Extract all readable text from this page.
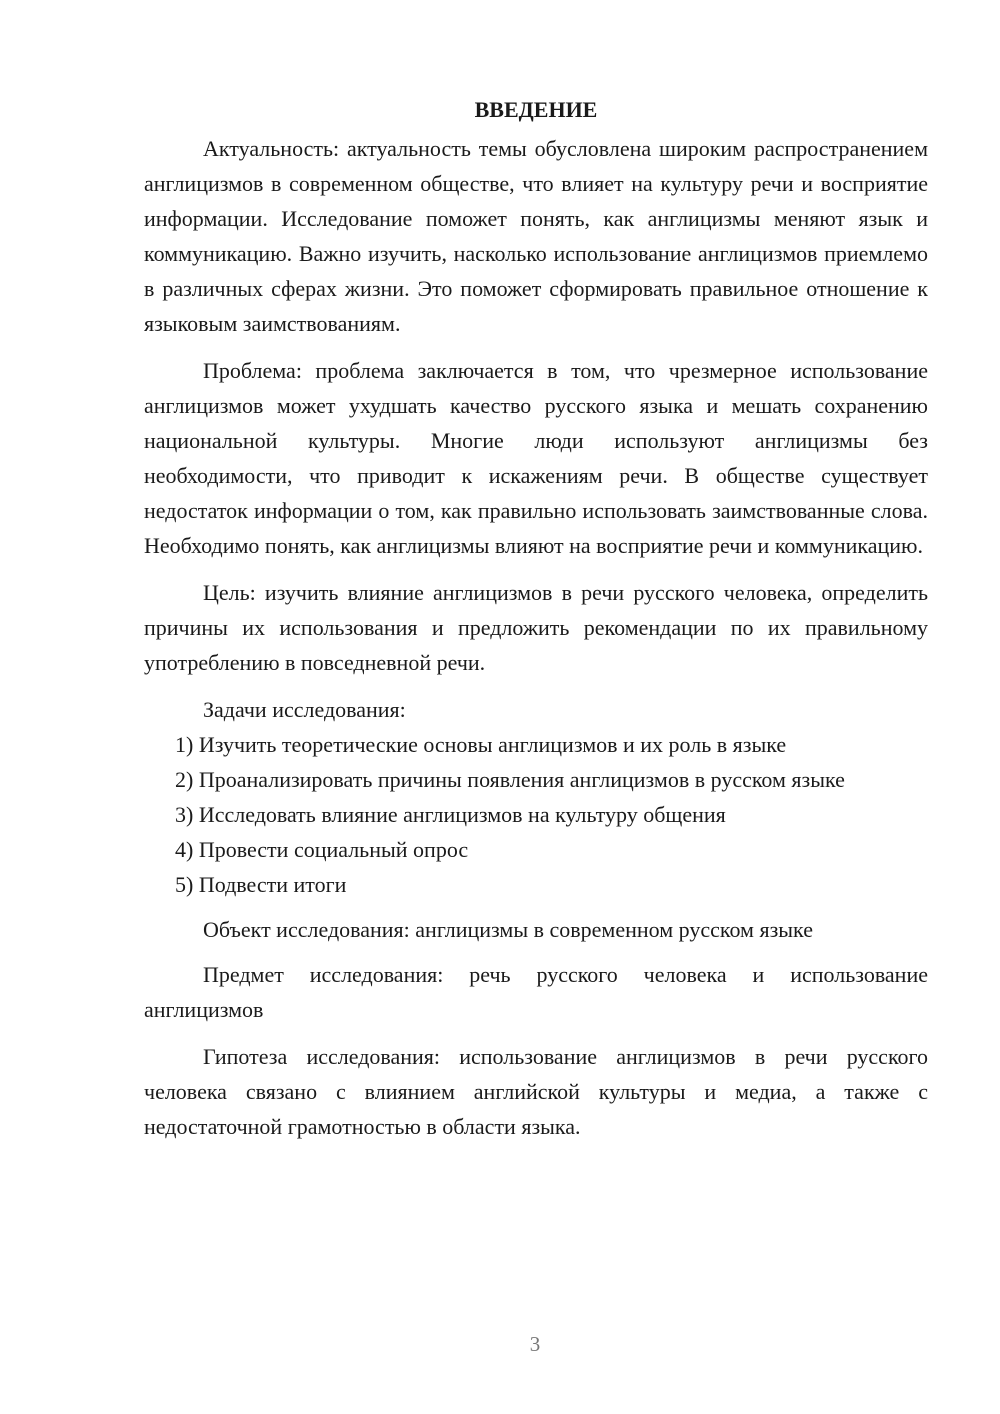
ВВЕДЕНИЕ

Актуальность: актуальность темы обусловлена широким распространением англицизмов в современном обществе, что влияет на культуру речи и восприятие информации. Исследование поможет понять, как англицизмы меняют язык и коммуникацию. Важно изучить, насколько использование англицизмов приемлемо в различных сферах жизни. Это поможет сформировать правильное отношение к языковым заимствованиям.

Проблема: проблема заключается в том, что чрезмерное использование англицизмов может ухудшать качество русского языка и мешать сохранению национальной культуры. Многие люди используют англицизмы без необходимости, что приводит к искажениям речи. В обществе существует недостаток информации о том, как правильно использовать заимствованные слова. Необходимо понять, как англицизмы влияют на восприятие речи и коммуникацию.

Цель: изучить влияние англицизмов в речи русского человека, определить причины их использования и предложить рекомендации по их правильному употреблению в повседневной речи.

Задачи исследования:

1) Изучить теоретические основы англицизмов и их роль в языке

2) Проанализировать причины появления англицизмов в русском языке

3) Исследовать влияние англицизмов на культуру общения

4) Провести социальный опрос

5) Подвести итоги

Объект исследования: англицизмы в современном русском языке

Предмет исследования: речь русского человека и использование англицизмов

Гипотеза исследования: использование англицизмов в речи русского человека связано с влиянием английской культуры и медиа, а также с недостаточной грамотностью в области языка.

3
